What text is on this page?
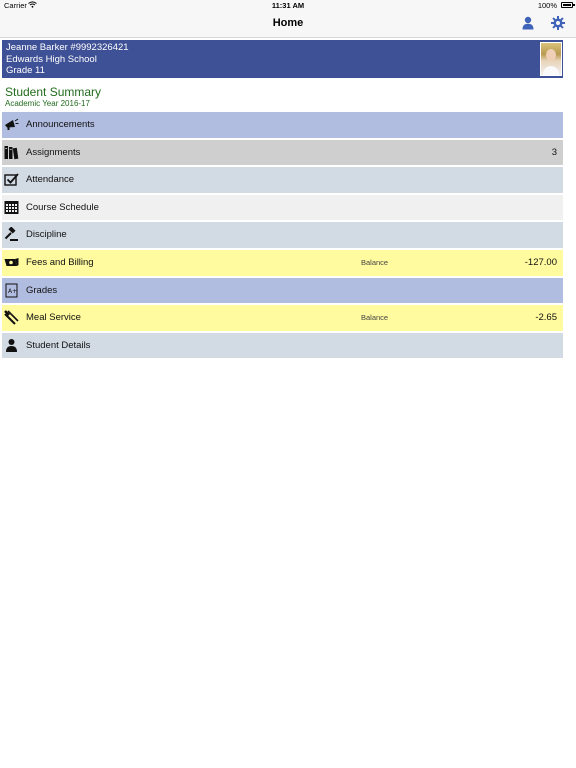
Carrier	11:31 AM	100%
Home
Jeanne Barker #9992326421
Edwards High School
Grade 11
Student Summary
Academic Year 2016-17
Announcements
Assignments	3
Attendance
Course Schedule
Discipline
Fees and Billing	Balance	-127.00
A+ Grades
Meal Service	Balance	-2.65
Student Details
